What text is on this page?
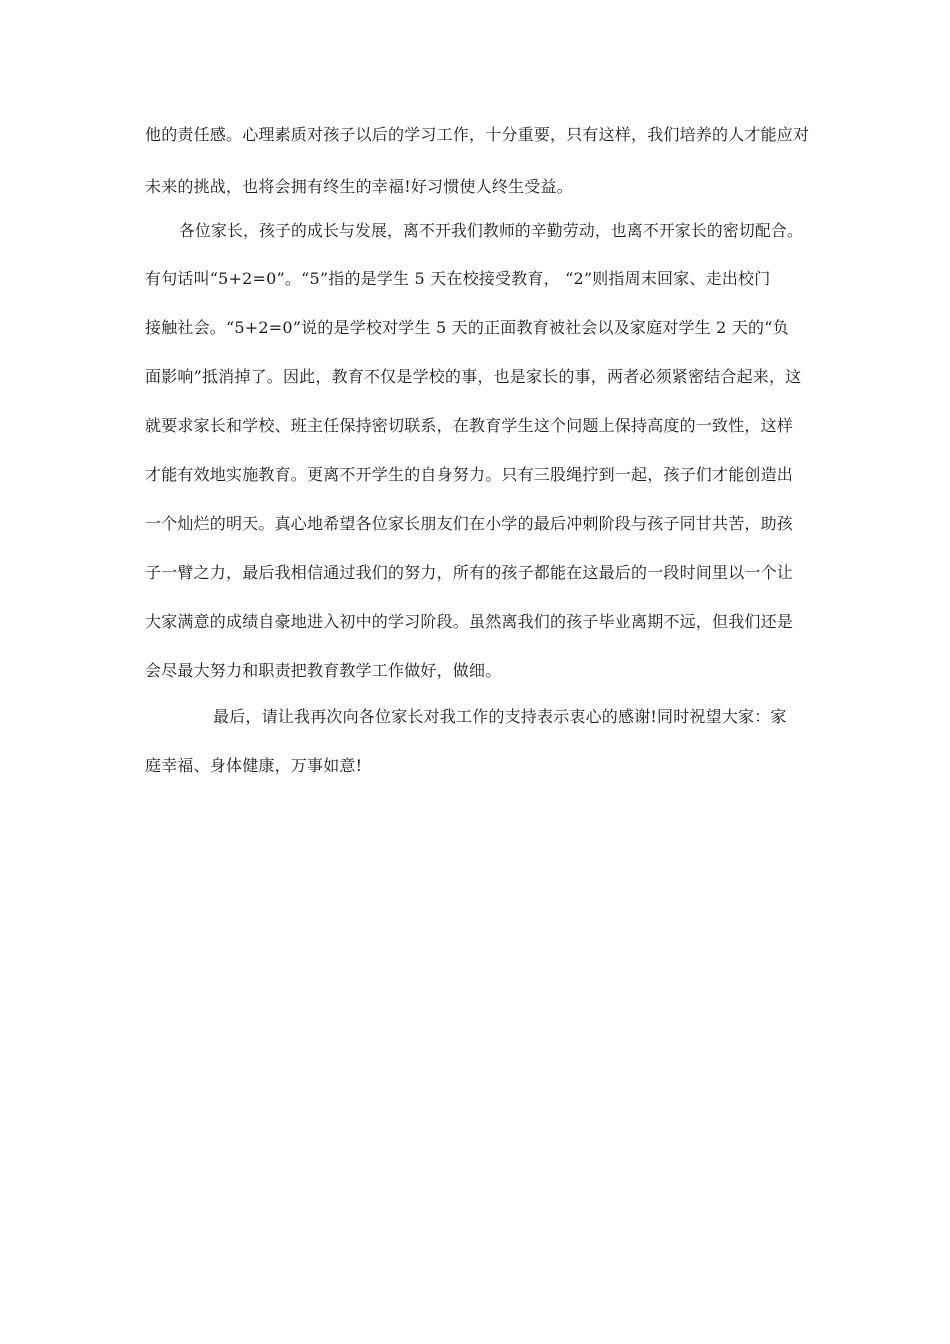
他的责任感。心理素质对孩子以后的学习工作，十分重要，只有这样，我们培养的人才能应对
未来的挑战，也将会拥有终生的幸福!好习惯使人终生受益。
各位家长，孩子的成长与发展，离不开我们教师的辛勤劳动，也离不开家长的密切配合。
有句话叫“5+2=0”。“5”指的是学生 5 天在校接受教育， “2”则指周末回家、走出校门
接触社会。“5+2=0”说的是学校对学生 5 天的正面教育被社会以及家庭对学生 2 天的“负
面影响”抵消掉了。因此，教育不仅是学校的事，也是家长的事，两者必须紧密结合起来，这
就要求家长和学校、班主任保持密切联系，在教育学生这个问题上保持高度的一致性，这样
才能有效地实施教育。更离不开学生的自身努力。只有三股绳拧到一起，孩子们才能创造出
一个灿烂的明天。真心地希望各位家长朋友们在小学的最后冲刺阶段与孩子同甘共苦，助孩
子一臂之力，最后我相信通过我们的努力，所有的孩子都能在这最后的一段时间里以一个让
大家满意的成绩自豪地进入初中的学习阶段。虽然离我们的孩子毕业离期不远，但我们还是
会尽最大努力和职责把教育教学工作做好，做细。
最后，请让我再次向各位家长对我工作的支持表示衷心的感谢!同时祝望大家：家
庭幸福、身体健康，万事如意!
